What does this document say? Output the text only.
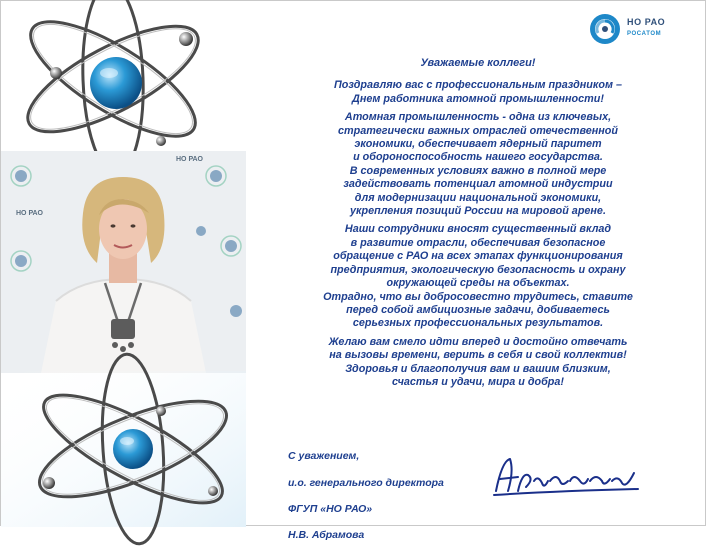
НО РАО
НО РАО
НО РАО
РОСАТОМ
Уважаемые коллеги!

Поздравляю вас с профессиональным праздником –
Днем работника атомной промышленности!

Атомная промышленность - одна из ключевых,
стратегически важных отраслей отечественной
экономики, обеспечивает ядерный паритет
и обороноспособность нашего государства.
В современных условиях важно в полной мере
задействовать потенциал атомной индустрии
для модернизации национальной экономики,
укрепления позиций России на мировой арене.

Наши сотрудники вносят существенный вклад
в развитие отрасли, обеспечивая безопасное
обращение с РАО на всех этапах функционирования
предприятия, экологическую безопасность и охрану
окружающей среды на объектах.
Отрадно, что вы добросовестно трудитесь, ставите
перед собой амбициозные задачи, добиваетесь
серьезных профессиональных результатов.

Желаю вам смело идти вперед и достойно отвечать
на вызовы времени, верить в себя и свой коллектив!
Здоровья и благополучия вам и вашим близким,
счастья и удачи, мира и добра!

С уважением,

и.о. генерального директора

ФГУП «НО РАО»

Н.В. Абрамова
